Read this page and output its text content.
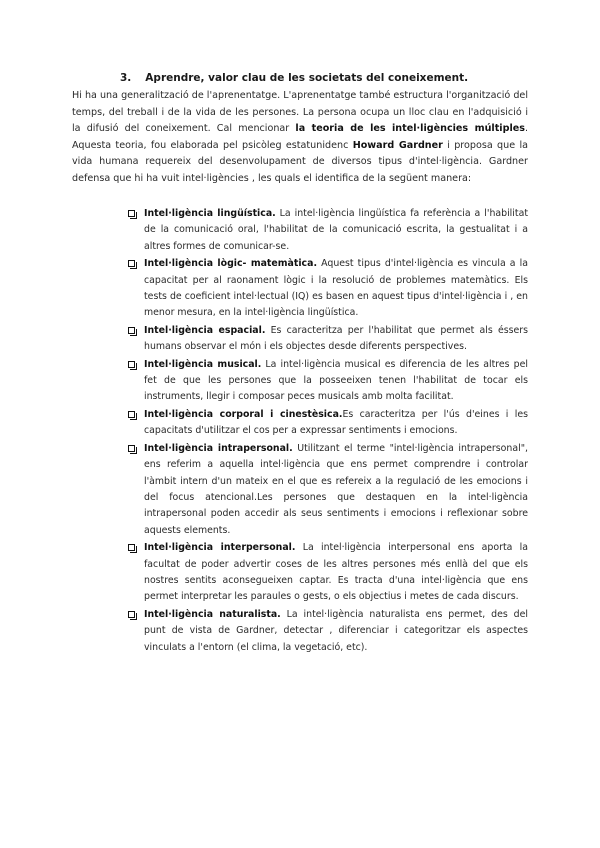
3. Aprendre, valor clau de les societats del coneixement.
Hi ha una generalització de l'aprenentatge. L'aprenentatge també estructura l'organització del temps, del treball i de la vida de les persones. La persona ocupa un lloc clau en l'adquisició i la difusió del coneixement. Cal mencionar la teoria de les intel·ligències múltiples. Aquesta teoria, fou elaborada pel psicòleg estatunidenc Howard Gardner i proposa que la vida humana requereix del desenvolupament de diversos tipus d'intel·ligència. Gardner defensa que hi ha vuit intel·ligències , les quals el identifica de la següent manera:
Intel·ligència lingüística. La intel·ligència lingüística fa referència a l'habilitat de la comunicació oral, l'habilitat de la comunicació escrita, la gestualitat i a altres formes de comunicar-se.
Intel·ligència lògic- matemàtica. Aquest tipus d'intel·ligència es vincula a la capacitat per al raonament lògic i la resolució de problemes matemàtics. Els tests de coeficient intel·lectual (IQ) es basen en aquest tipus d'intel·ligència i , en menor mesura, en la intel·ligència lingüística.
Intel·ligència espacial. Es caracteritza per l'habilitat que permet als éssers humans observar el món i els objectes desde diferents perspectives.
Intel·ligència musical. La intel·ligència musical es diferencia de les altres pel fet de que les persones que la posseeixen tenen l'habilitat de tocar els instruments, llegir i composar peces musicals amb molta facilitat.
Intel·ligència corporal i cinestèsica.Es caracteritza per l'ús d'eines i les capacitats d'utilitzar el cos per a expressar sentiments i emocions.
Intel·ligència intrapersonal. Utilitzant el terme "intel·ligència intrapersonal", ens referim a aquella intel·ligència que ens permet comprendre i controlar l'àmbit intern d'un mateix en el que es refereix a la regulació de les emocions i del focus atencional.Les persones que destaquen en la intel·ligència intrapersonal poden accedir als seus sentiments i emocions i reflexionar sobre aquests elements.
Intel·ligència interpersonal. La intel·ligència interpersonal ens aporta la facultat de poder advertir coses de les altres persones més enllà del que els nostres sentits aconsegueixen captar. Es tracta d'una intel·ligència que ens permet interpretar les paraules o gests, o els objectius i metes de cada discurs.
Intel·ligència naturalista. La intel·ligència naturalista ens permet, des del punt de vista de Gardner, detectar , diferenciar i categoritzar els aspectes vinculats a l'entorn (el clima, la vegetació, etc).
